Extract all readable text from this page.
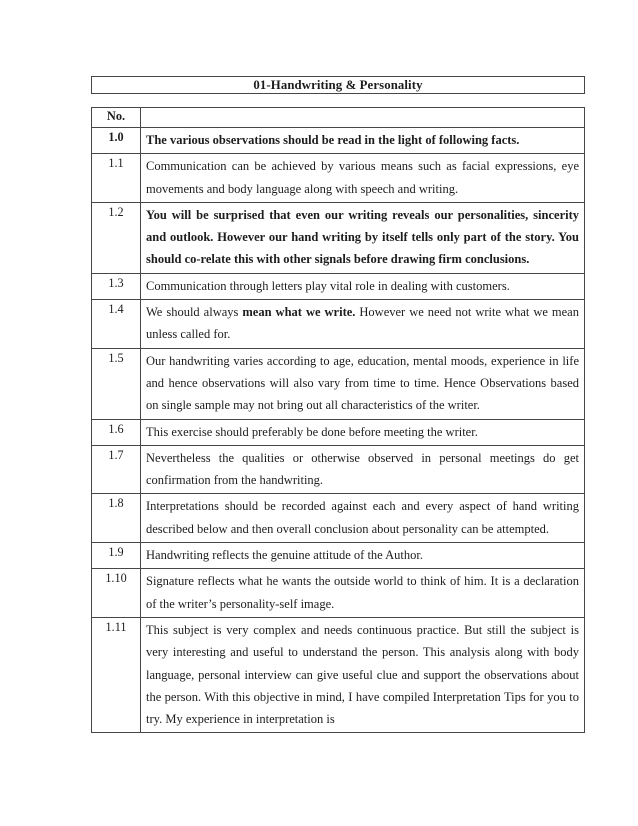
01-Handwriting & Personality
No.	
1.0	The various observations should be read in the light of following facts.
1.1	Communication can be achieved by various means such as facial expressions, eye movements and body language along with speech and writing.
1.2	You will be surprised that even our writing reveals our personalities, sincerity and outlook. However our hand writing by itself tells only part of the story. You should co-relate this with other signals before drawing firm conclusions.
1.3	Communication through letters play vital role in dealing with customers.
1.4	We should always mean what we write. However we need not write what we mean unless called for.
1.5	Our handwriting varies according to age, education, mental moods, experience in life and hence observations will also vary from time to time. Hence Observations based on single sample may not bring out all characteristics of the writer.
1.6	This exercise should preferably be done before meeting the writer.
1.7	Nevertheless the qualities or otherwise observed in personal meetings do get confirmation from the handwriting.
1.8	Interpretations should be recorded against each and every aspect of hand writing described below and then overall conclusion about personality can be attempted.
1.9	Handwriting reflects the genuine attitude of the Author.
1.10	Signature reflects what he wants the outside world to think of him. It is a declaration of the writer’s personality-self image.
1.11	This subject is very complex and needs continuous practice. But still the subject is very interesting and useful to understand the person. This analysis along with body language, personal interview can give useful clue and support the observations about the person. With this objective in mind, I have compiled Interpretation Tips for you to try. My experience in interpretation is
